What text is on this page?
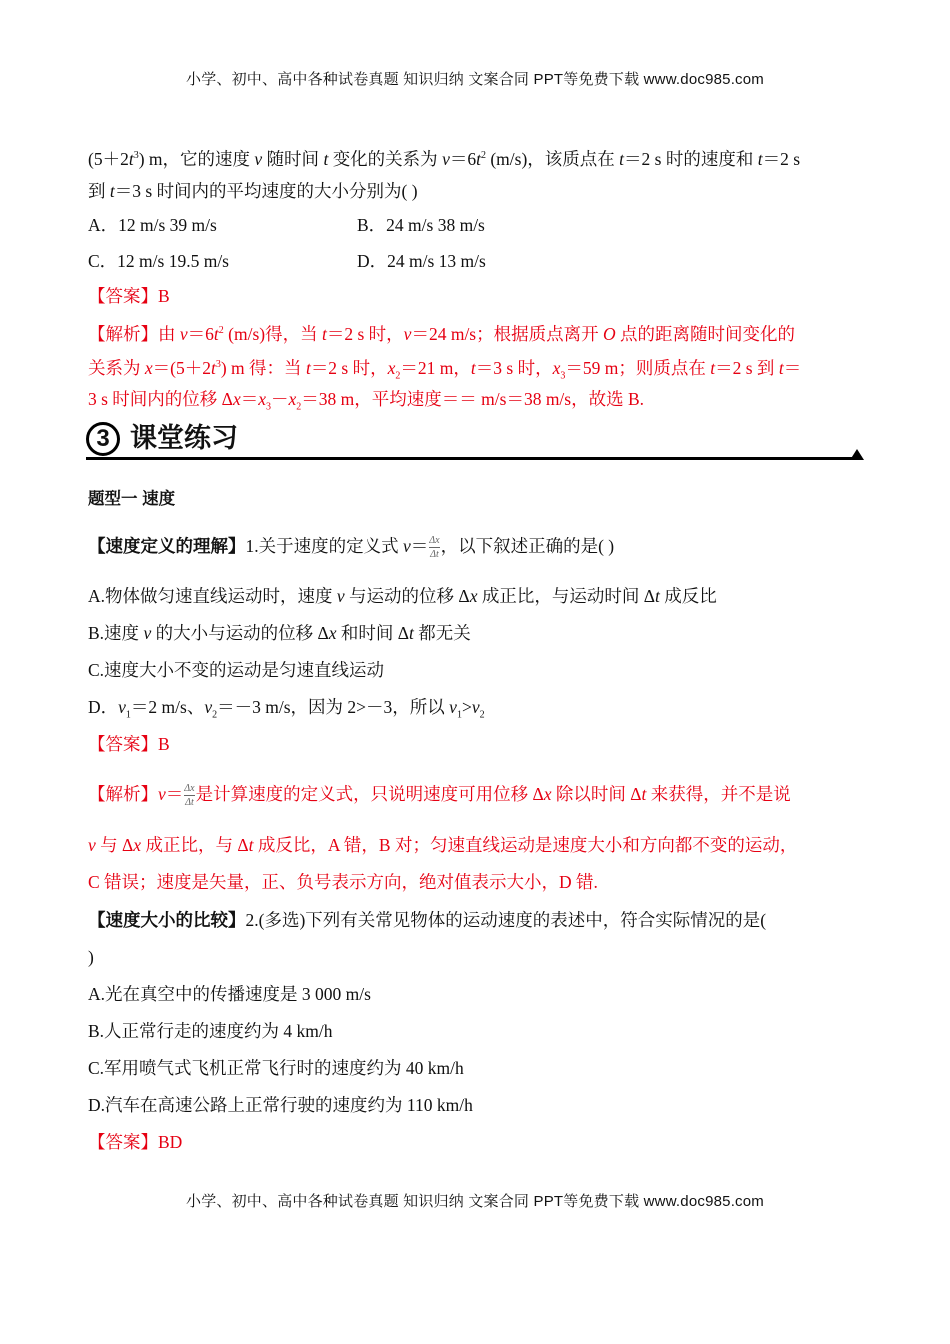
小学、初中、高中各种试卷真题 知识归纳 文案合同 PPT等免费下载 www.doc985.com
$(5+2t^3)$ m，它的速度 v 随时间 t 变化的关系为 $v=6t^2$ (m/s)，该质点在 t＝2 s 时的速度和 t＝2 s
到 t＝3 s 时间内的平均速度的大小分别为( )
A．12 m/s 39 m/s	B．24 m/s 38 m/s
C．12 m/s 19.5 m/s	D．24 m/s 13 m/s
【答案】B
【解析】由 $v=6t^2$ (m/s)得，当 t＝2 s 时，v＝24 m/s；根据质点离开 O 点的距离随时间变化的
关系为 $x=(5+2t^3)$ m 得：当 t＝2 s 时，$x_2=21$ m，t＝3 s 时，$x_3=59$ m；则质点在 t＝2 s 到 t＝
3 s 时间内的位移 $\Delta x=x_3-x_2=38$ m，平均速度＝＝ m/s＝38 m/s，故选 B.
3 课堂练习
题型一 速度
【速度定义的理解】1.关于速度的定义式 $v= \frac{\Delta x}{\Delta t}$ ，以下叙述正确的是( )
A.物体做匀速直线运动时，速度 v 与运动的位移 Δx 成正比，与运动时间 Δt 成反比
B.速度 v 的大小与运动的位移 Δx 和时间 Δt 都无关
C.速度大小不变的运动是匀速直线运动
D．$v_1=2$ m/s、$v_2=-3$ m/s，因为 2>－3，所以 $v_1>v_2$
【答案】B
【解析】$v= \frac{\Delta x}{\Delta t}$ 是计算速度的定义式，只说明速度可用位移 Δx 除以时间 Δt 来获得，并不是说
v 与 Δx 成正比，与 Δt 成反比，A 错，B 对；匀速直线运动是速度大小和方向都不变的运动，
C 错误；速度是矢量，正、负号表示方向，绝对值表示大小，D 错.
【速度大小的比较】2.(多选)下列有关常见物体的运动速度的表述中，符合实际情况的是(
)
A.光在真空中的传播速度是 3 000 m/s
B.人正常行走的速度约为 4 km/h
C.军用喷气式飞机正常飞行时的速度约为 40 km/h
D.汽车在高速公路上正常行驶的速度约为 110 km/h
【答案】BD
小学、初中、高中各种试卷真题 知识归纳 文案合同 PPT等免费下载 www.doc985.com
